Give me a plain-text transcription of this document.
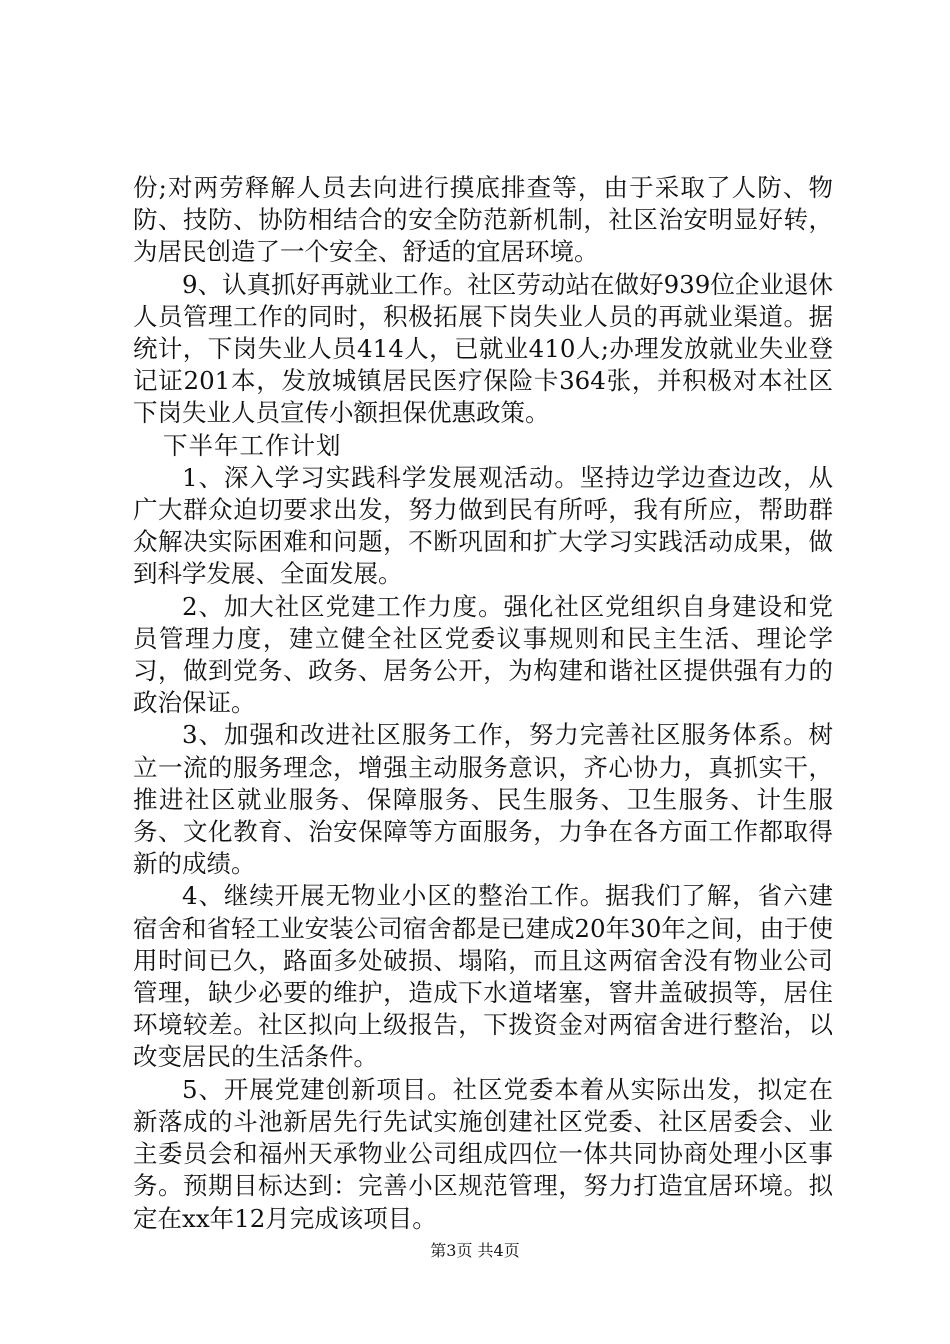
份;对两劳释解人员去向进行摸底排查等，由于采取了人防、物防、技防、协防相结合的安全防范新机制，社区治安明显好转，为居民创造了一个安全、舒适的宜居环境。

9、认真抓好再就业工作。社区劳动站在做好939位企业退休人员管理工作的同时，积极拓展下岗失业人员的再就业渠道。据统计，下岗失业人员414人，已就业410人;办理发放就业失业登记证201本，发放城镇居民医疗保险卡364张，并积极对本社区下岗失业人员宣传小额担保优惠政策。

下半年工作计划

1、深入学习实践科学发展观活动。坚持边学边查边改，从广大群众迫切要求出发，努力做到民有所呼，我有所应，帮助群众解决实际困难和问题，不断巩固和扩大学习实践活动成果，做到科学发展、全面发展。

2、加大社区党建工作力度。强化社区党组织自身建设和党员管理力度，建立健全社区党委议事规则和民主生活、理论学习，做到党务、政务、居务公开，为构建和谐社区提供强有力的政治保证。

3、加强和改进社区服务工作，努力完善社区服务体系。树立一流的服务理念，增强主动服务意识，齐心协力，真抓实干，推进社区就业服务、保障服务、民生服务、卫生服务、计生服务、文化教育、治安保障等方面服务，力争在各方面工作都取得新的成绩。

4、继续开展无物业小区的整治工作。据我们了解，省六建宿舍和省轻工业安装公司宿舍都是已建成20年30年之间，由于使用时间已久，路面多处破损、塌陷，而且这两宿舍没有物业公司管理，缺少必要的维护，造成下水道堵塞，窨井盖破损等，居住环境较差。社区拟向上级报告，下拨资金对两宿舍进行整治，以改变居民的生活条件。

5、开展党建创新项目。社区党委本着从实际出发，拟定在新落成的斗池新居先行先试实施创建社区党委、社区居委会、业主委员会和福州天承物业公司组成四位一体共同协商处理小区事务。预期目标达到：完善小区规范管理，努力打造宜居环境。拟定在xx年12月完成该项目。

第3页 共4页
